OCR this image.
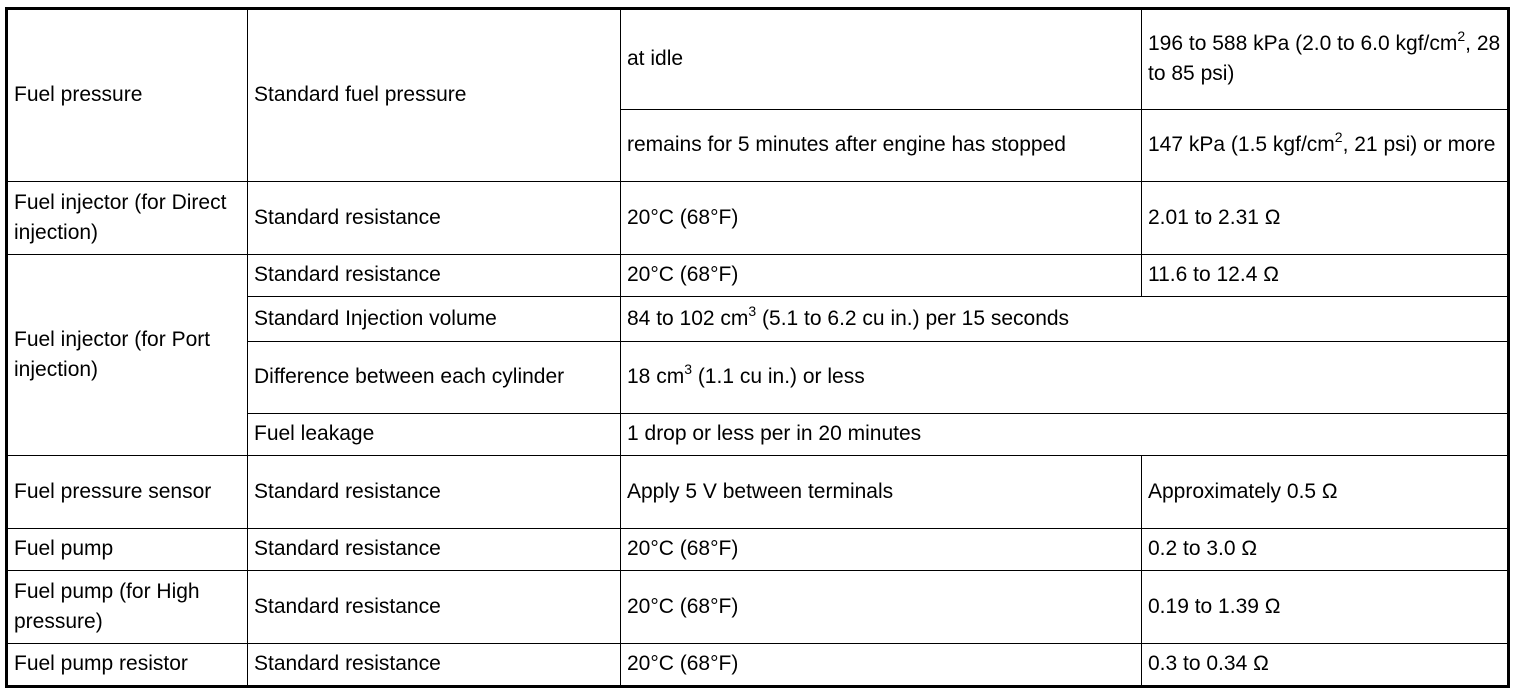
Fuel pressure	Standard fuel pressure	at idle	196 to 588 kPa (2.0 to 6.0 kgf/$cm^2$, 28 to 85 psi)
		remains for 5 minutes after engine has stopped	147 kPa (1.5 kgf/$cm^2$, 21 psi) or more
Fuel injector (for Direct injection)	Standard resistance	20°C (68°F)	2.01 to 2.31 Ω
Fuel injector (for Port injection)	Standard resistance	20°C (68°F)	11.6 to 12.4 Ω
	Standard Injection volume	84 to 102 $cm^3$ (5.1 to 6.2 cu in.) per 15 seconds	
	Difference between each cylinder	18 $cm^3$ (1.1 cu in.) or less	
	Fuel leakage	1 drop or less per in 20 minutes	
Fuel pressure sensor	Standard resistance	Apply 5 V between terminals	Approximately 0.5 Ω
Fuel pump	Standard resistance	20°C (68°F)	0.2 to 3.0 Ω
Fuel pump (for High pressure)	Standard resistance	20°C (68°F)	0.19 to 1.39 Ω
Fuel pump resistor	Standard resistance	20°C (68°F)	0.3 to 0.34 Ω
